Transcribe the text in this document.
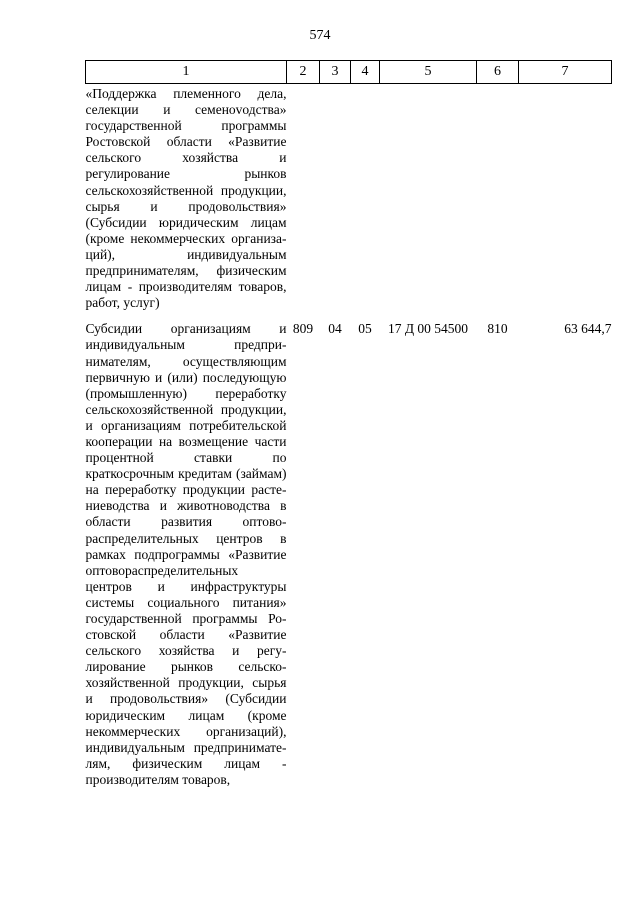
574
1	2	3	4	5	6	7
«Поддержка племенного дела, селекции и семеноvодства» государственной программы Ростовской области «Развитие сельского хозяйства и регулирование рынков сельскохозяйственной продукции, сырья и продовольствия» (Субсидии юридическим лицам (кроме некоммерческих организаций), индивидуальным предпринимателям, физическим лицам - производителям товаров, работ, услуг)						
Субсидии организациям и индивидуальным предпринимателям, осуществляющим первичную и (или) последующую (промышленную) переработку сельскохозяйственной продукции, и организациям потребительской кооперации на возмещение части процентной ставки по краткосрочным кредитам (займам) на переработку продукции растениеводства и животноводства в области развития оптово-распределительных центров в рамках подпрограммы «Развитие оптовораспределительных центров и инфраструктуры системы социального питания» государственной программы Ростовской области «Развитие сельского хозяйства и регулирование рынков сельскохозяйственной продукции, сырья и продовольствия» (Субсидии юридическим лицам (кроме некоммерческих организаций), индивидуальным предпринимателям, физическим лицам - производителям товаров,	809	04	05	17 Д 00 54500	810	63 644,7
